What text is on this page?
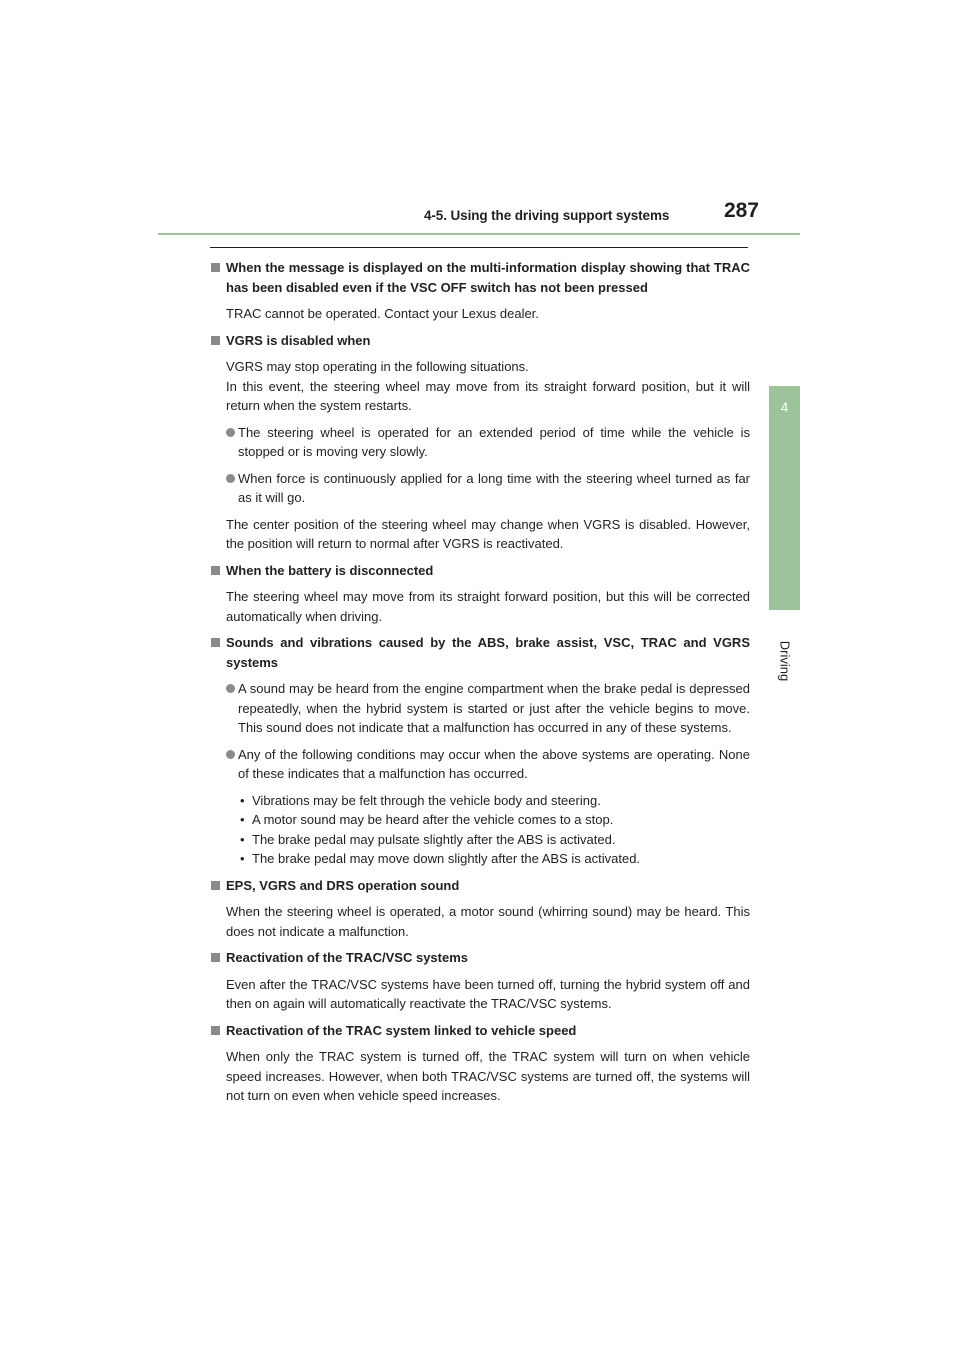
4-5. Using the driving support systems	287
4
Driving
When the message is displayed on the multi-information display showing that TRAC has been disabled even if the VSC OFF switch has not been pressed
TRAC cannot be operated. Contact your Lexus dealer.
VGRS is disabled when
VGRS may stop operating in the following situations.
In this event, the steering wheel may move from its straight forward position, but it will return when the system restarts.
The steering wheel is operated for an extended period of time while the vehicle is stopped or is moving very slowly.
When force is continuously applied for a long time with the steering wheel turned as far as it will go.
The center position of the steering wheel may change when VGRS is disabled. However, the position will return to normal after VGRS is reactivated.
When the battery is disconnected
The steering wheel may move from its straight forward position, but this will be corrected automatically when driving.
Sounds and vibrations caused by the ABS, brake assist, VSC, TRAC and VGRS systems
A sound may be heard from the engine compartment when the brake pedal is depressed repeatedly, when the hybrid system is started or just after the vehicle begins to move. This sound does not indicate that a malfunction has occurred in any of these systems.
Any of the following conditions may occur when the above systems are operating. None of these indicates that a malfunction has occurred.
• Vibrations may be felt through the vehicle body and steering.
• A motor sound may be heard after the vehicle comes to a stop.
• The brake pedal may pulsate slightly after the ABS is activated.
• The brake pedal may move down slightly after the ABS is activated.
EPS, VGRS and DRS operation sound
When the steering wheel is operated, a motor sound (whirring sound) may be heard. This does not indicate a malfunction.
Reactivation of the TRAC/VSC systems
Even after the TRAC/VSC systems have been turned off, turning the hybrid system off and then on again will automatically reactivate the TRAC/VSC systems.
Reactivation of the TRAC system linked to vehicle speed
When only the TRAC system is turned off, the TRAC system will turn on when vehicle speed increases. However, when both TRAC/VSC systems are turned off, the systems will not turn on even when vehicle speed increases.
